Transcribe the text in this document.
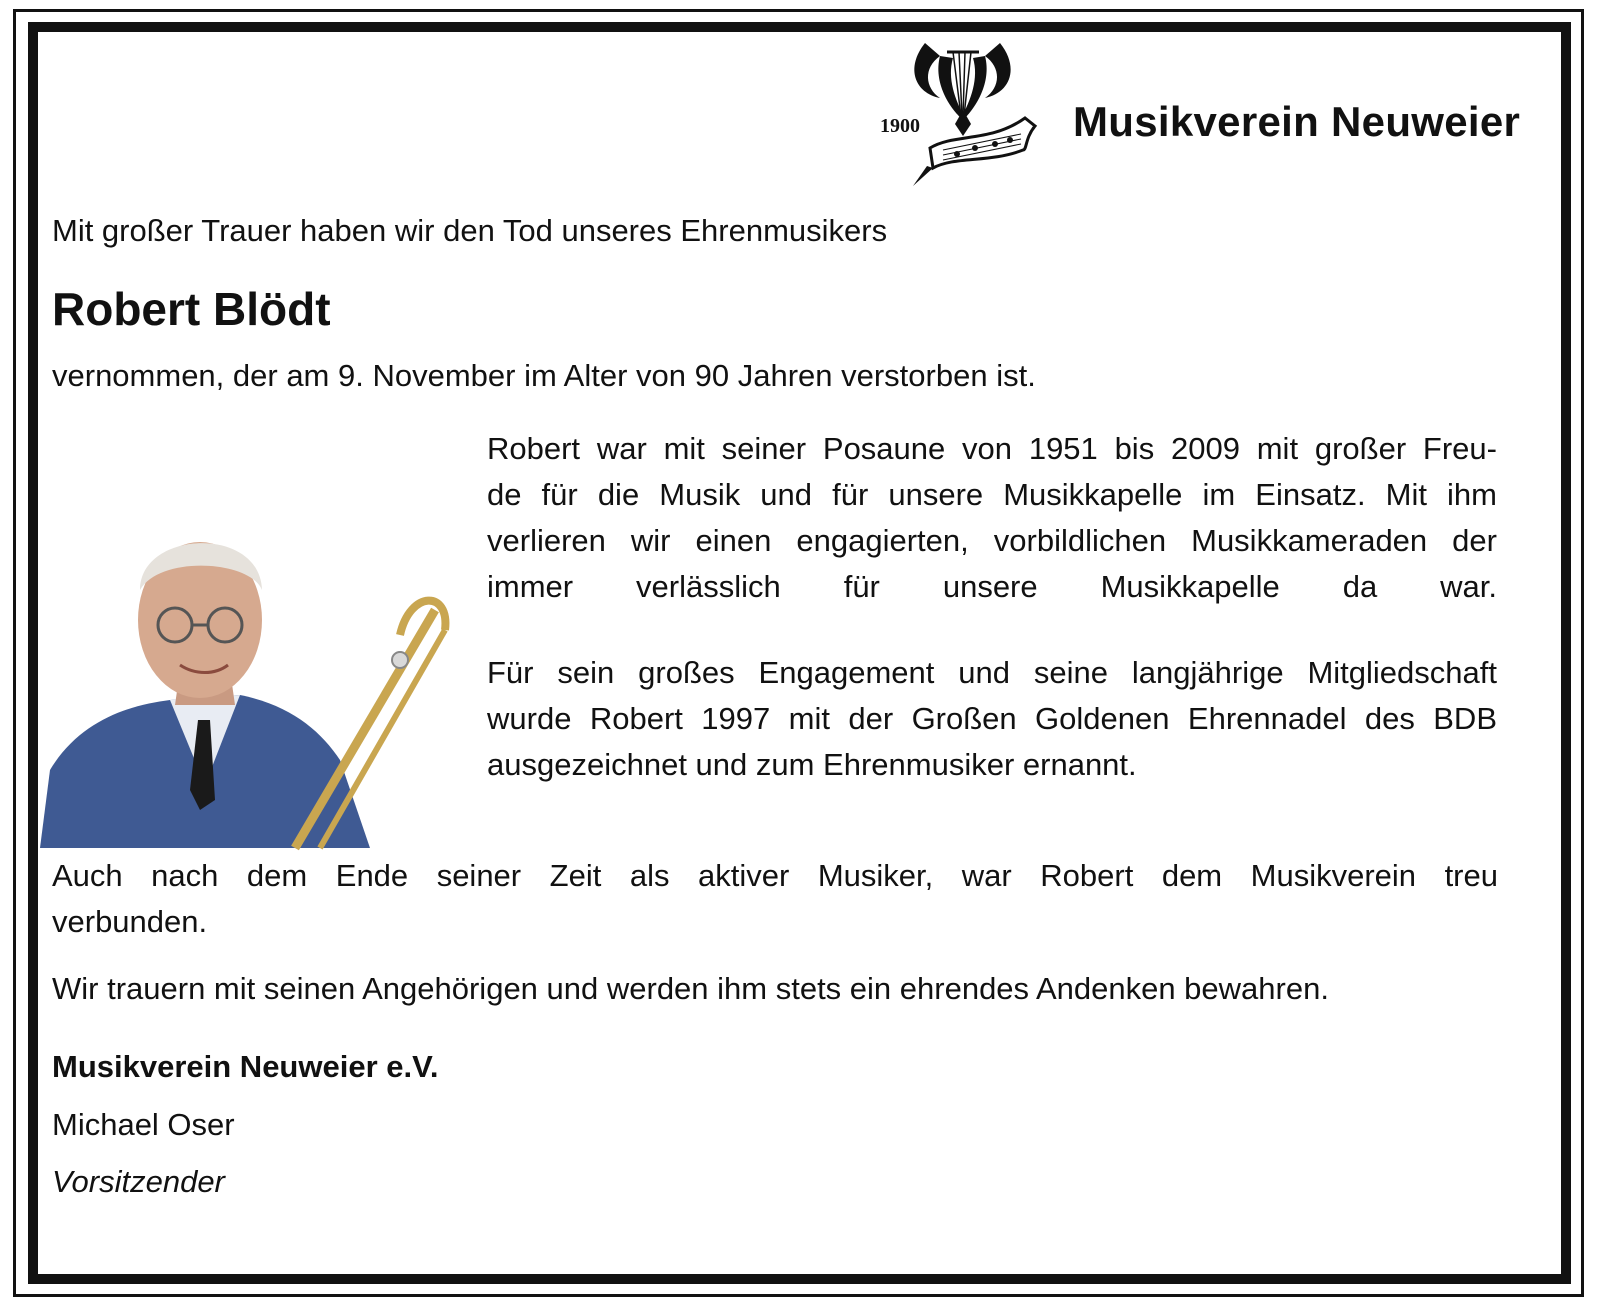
1900	Musikverein Neuweier
Mit großer Trauer haben wir den Tod unseres Ehrenmusikers
Robert Blödt
vernommen, der am 9. November im Alter von 90 Jahren verstorben ist.
Robert war mit seiner Posaune von 1951 bis 2009 mit großer Freu-
de für die Musik und für unsere Musikkapelle im Einsatz. Mit ihm
verlieren wir einen engagierten, vorbildlichen Musikkameraden der
immer verlässlich für unsere Musikkapelle da war.
Für sein großes Engagement und seine langjährige Mitgliedschaft
wurde Robert 1997 mit der Großen Goldenen Ehrennadel des BDB
ausgezeichnet und zum Ehrenmusiker ernannt.
Auch nach dem Ende seiner Zeit als aktiver Musiker, war Robert dem Musikverein treu
verbunden.
Wir trauern mit seinen Angehörigen und werden ihm stets ein ehrendes Andenken bewahren.
Musikverein Neuweier e.V.
Michael Oser
Vorsitzender
